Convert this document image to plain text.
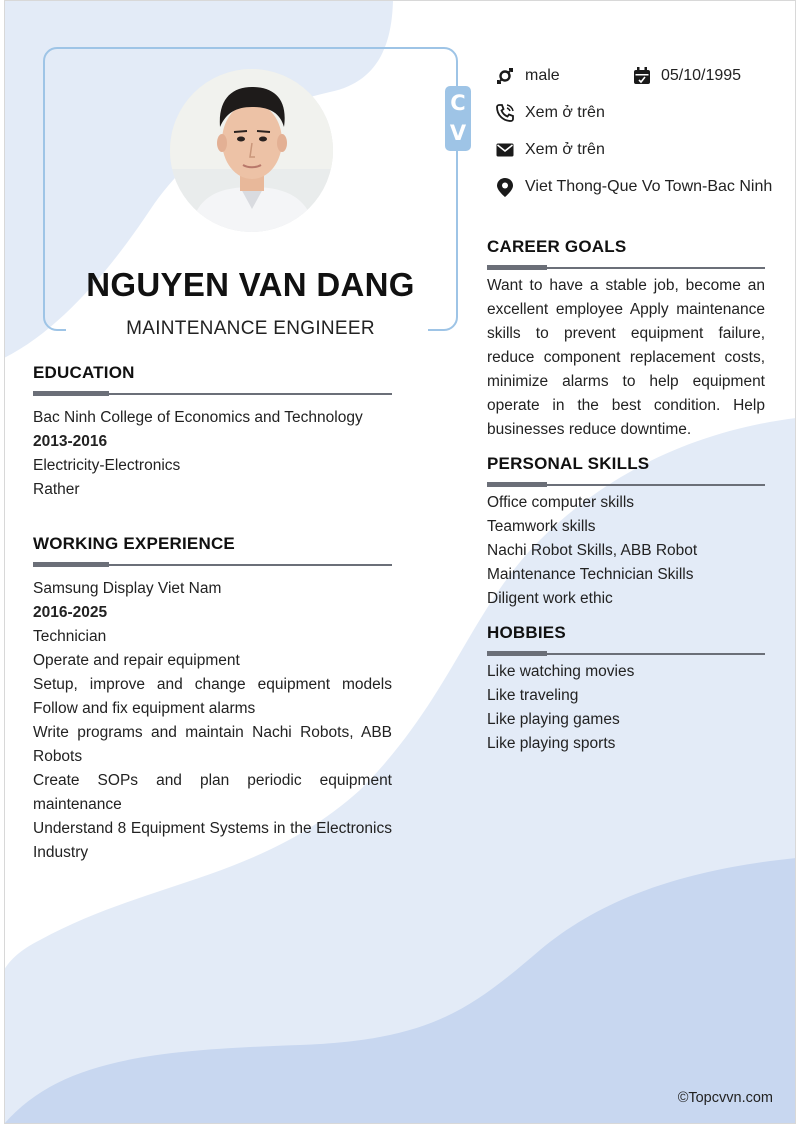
C
V
NGUYEN VAN DANG
MAINTENANCE ENGINEER
male	05/10/1995
Xem ở trên
Xem ở trên
Viet Thong-Que Vo Town-Bac Ninh
EDUCATION

Bac Ninh College of Economics and Technology

2013-2016

Electricity-Electronics

Rather

WORKING EXPERIENCE

Samsung Display Viet Nam

2016-2025

Technician

Operate and repair equipment
Setup, improve and change equipment models Follow and fix equipment alarms
Write programs and maintain Nachi Robots, ABB Robots
Create SOPs and plan periodic equipment maintenance
Understand 8 Equipment Systems in the Electronics Industry
CAREER GOALS

Want to have a stable job, become an excellent employee Apply maintenance skills to prevent equipment failure, reduce component replacement costs, minimize alarms to help equipment operate in the best condition. Help businesses reduce downtime.

PERSONAL SKILLS
Office computer skills
Teamwork skills
Nachi Robot Skills, ABB Robot
Maintenance Technician Skills
Diligent work ethic
HOBBIES
Like watching movies
Like traveling
Like playing games
Like playing sports
©Topcvvn.com
